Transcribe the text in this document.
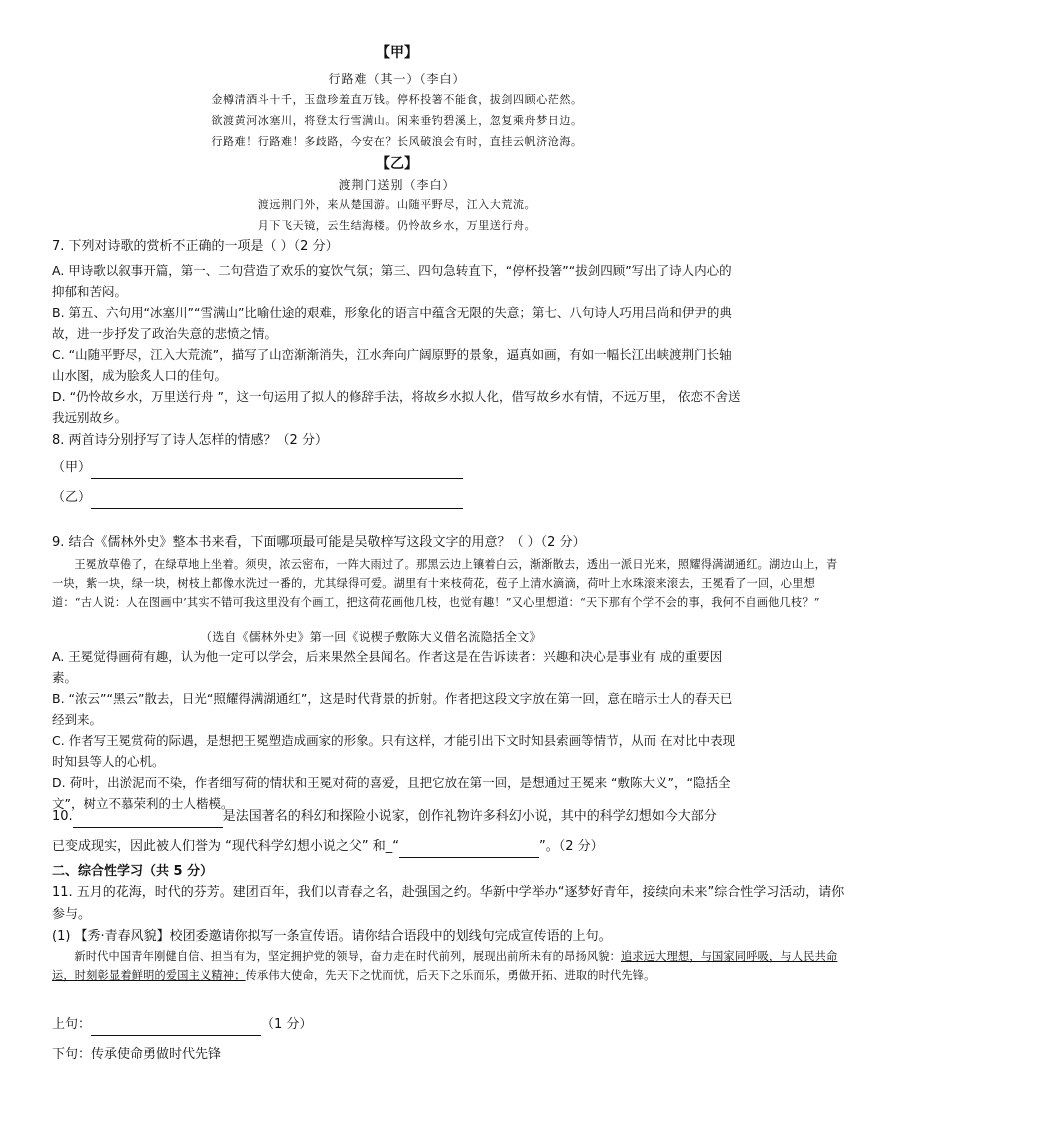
【甲】
行路难（其一）（李白）
金樽清酒斗十千，玉盘珍羞直万钱。停杯投箸不能食，拔剑四顾心茫然。
欲渡黄河冰塞川，将登太行雪满山。闲来垂钓碧溪上，忽复乘舟梦日边。
行路难！行路难！多歧路，今安在？长风破浪会有时，直挂云帆济沧海。
【乙】
渡荆门送别（李白）
渡远荆门外，来从楚国游。山随平野尽，江入大荒流。
月下飞天镜，云生结海楼。仍怜故乡水，万里送行舟。
7. 下列对诗歌的赏析不正确的一项是（ ）（2 分）
A. 甲诗歌以叙事开篇，第一、二句营造了欢乐的宴饮气氛；第三、四句急转直下，“停杯投箸”“拔剑四顾”写出了诗人内心的抑郁和苦闷。
B. 第五、六句用“冰塞川”“雪满山”比喻仕途的艰难，形象化的语言中蕴含无限的失意；第七、八句诗人巧用吕尚和伊尹的典故，进一步抒发了政治失意的悲愤之情。
C. “山随平野尽，江入大荒流”，描写了山峦渐渐消失，江水奔向广阔原野的景象，逼真如画，有如一幅长江出峡渡荆门长轴山水图，成为脍炙人口的佳句。
D. “仍怜故乡水，万里送行舟 ”，这一句运用了拟人的修辞手法，将故乡水拟人化，借写故乡水有情，不远万里， 依恋不舍送我远别故乡。
8. 两首诗分别抒写了诗人怎样的情感？（2 分）
（甲）
（乙）
9. 结合《儒林外史》整本书来看，下面哪项最可能是吴敬梓写这段文字的用意？（ ）（2 分）
王冕放草倦了，在绿草地上坐着。须臾，浓云密布，一阵大雨过了。那黑云边上镶着白云，渐渐散去，透出一派日光来，照耀得满湖通红。湖边山上，青一块，紫一块，绿一块，树枝上都像水洗过一番的，尤其绿得可爱。湖里有十来枝荷花，苞子上清水滴滴，荷叶上水珠滚来滚去，王冕看了一回，心里想道：“古人说：人在图画中’其实不错可我这里没有个画工，把这荷花画他几枝，也觉有趣！”又心里想道：“天下那有个学不会的事，我何不自画他几枝？”
（选自《儒林外史》第一回《说楔子敷陈大义借名流隐括全文》
A. 王冕觉得画荷有趣，认为他一定可以学会，后来果然全县闻名。作者这是在告诉读者：兴趣和决心是事业有 成的重要因素。
B. “浓云”“黑云”散去，日光“照耀得满湖通红”，这是时代背景的折射。作者把这段文字放在第一回，意在暗示士人的春天已经到来。
C. 作者写王冕赏荷的际遇，是想把王冕塑造成画家的形象。只有这样，才能引出下文时知县索画等情节，从而 在对比中表现时知县等人的心机。
D. 荷叶，出淤泥而不染，作者细写荷的情状和王冕对荷的喜爱，且把它放在第一回，是想通过王冕来 “敷陈大义”，“隐括全文”，树立不慕荣利的士人楷模。
10.	是法国著名的科幻和探险小说家，创作礼物许多科幻小说，其中的科学幻想如今大部分
已变成现实，因此被人们誉为 “现代科学幻想小说之父” 和_“	”。（2 分）
二、综合性学习（共 5 分）
11. 五月的花海，时代的芬芳。建团百年，我们以青春之名，赴强国之约。华新中学举办“逐梦好青年，接续向未来”综合性学习活动，请你参与。
(1) 【秀·青春风貌】校团委邀请你拟写一条宣传语。请你结合语段中的划线句完成宣传语的上句。
新时代中国青年刚健自信、担当有为，坚定拥护党的领导，奋力走在时代前列，展现出前所未有的昂扬风貌：追求远大理想，与国家同呼吸，与人民共命运，时刻彰显着鲜明的爱国主义精神；传承伟大使命，先天下之忧而忧，后天下之乐而乐，勇做开拓、进取的时代先锋。
上句：	（1 分）
下句：传承使命勇做时代先锋
